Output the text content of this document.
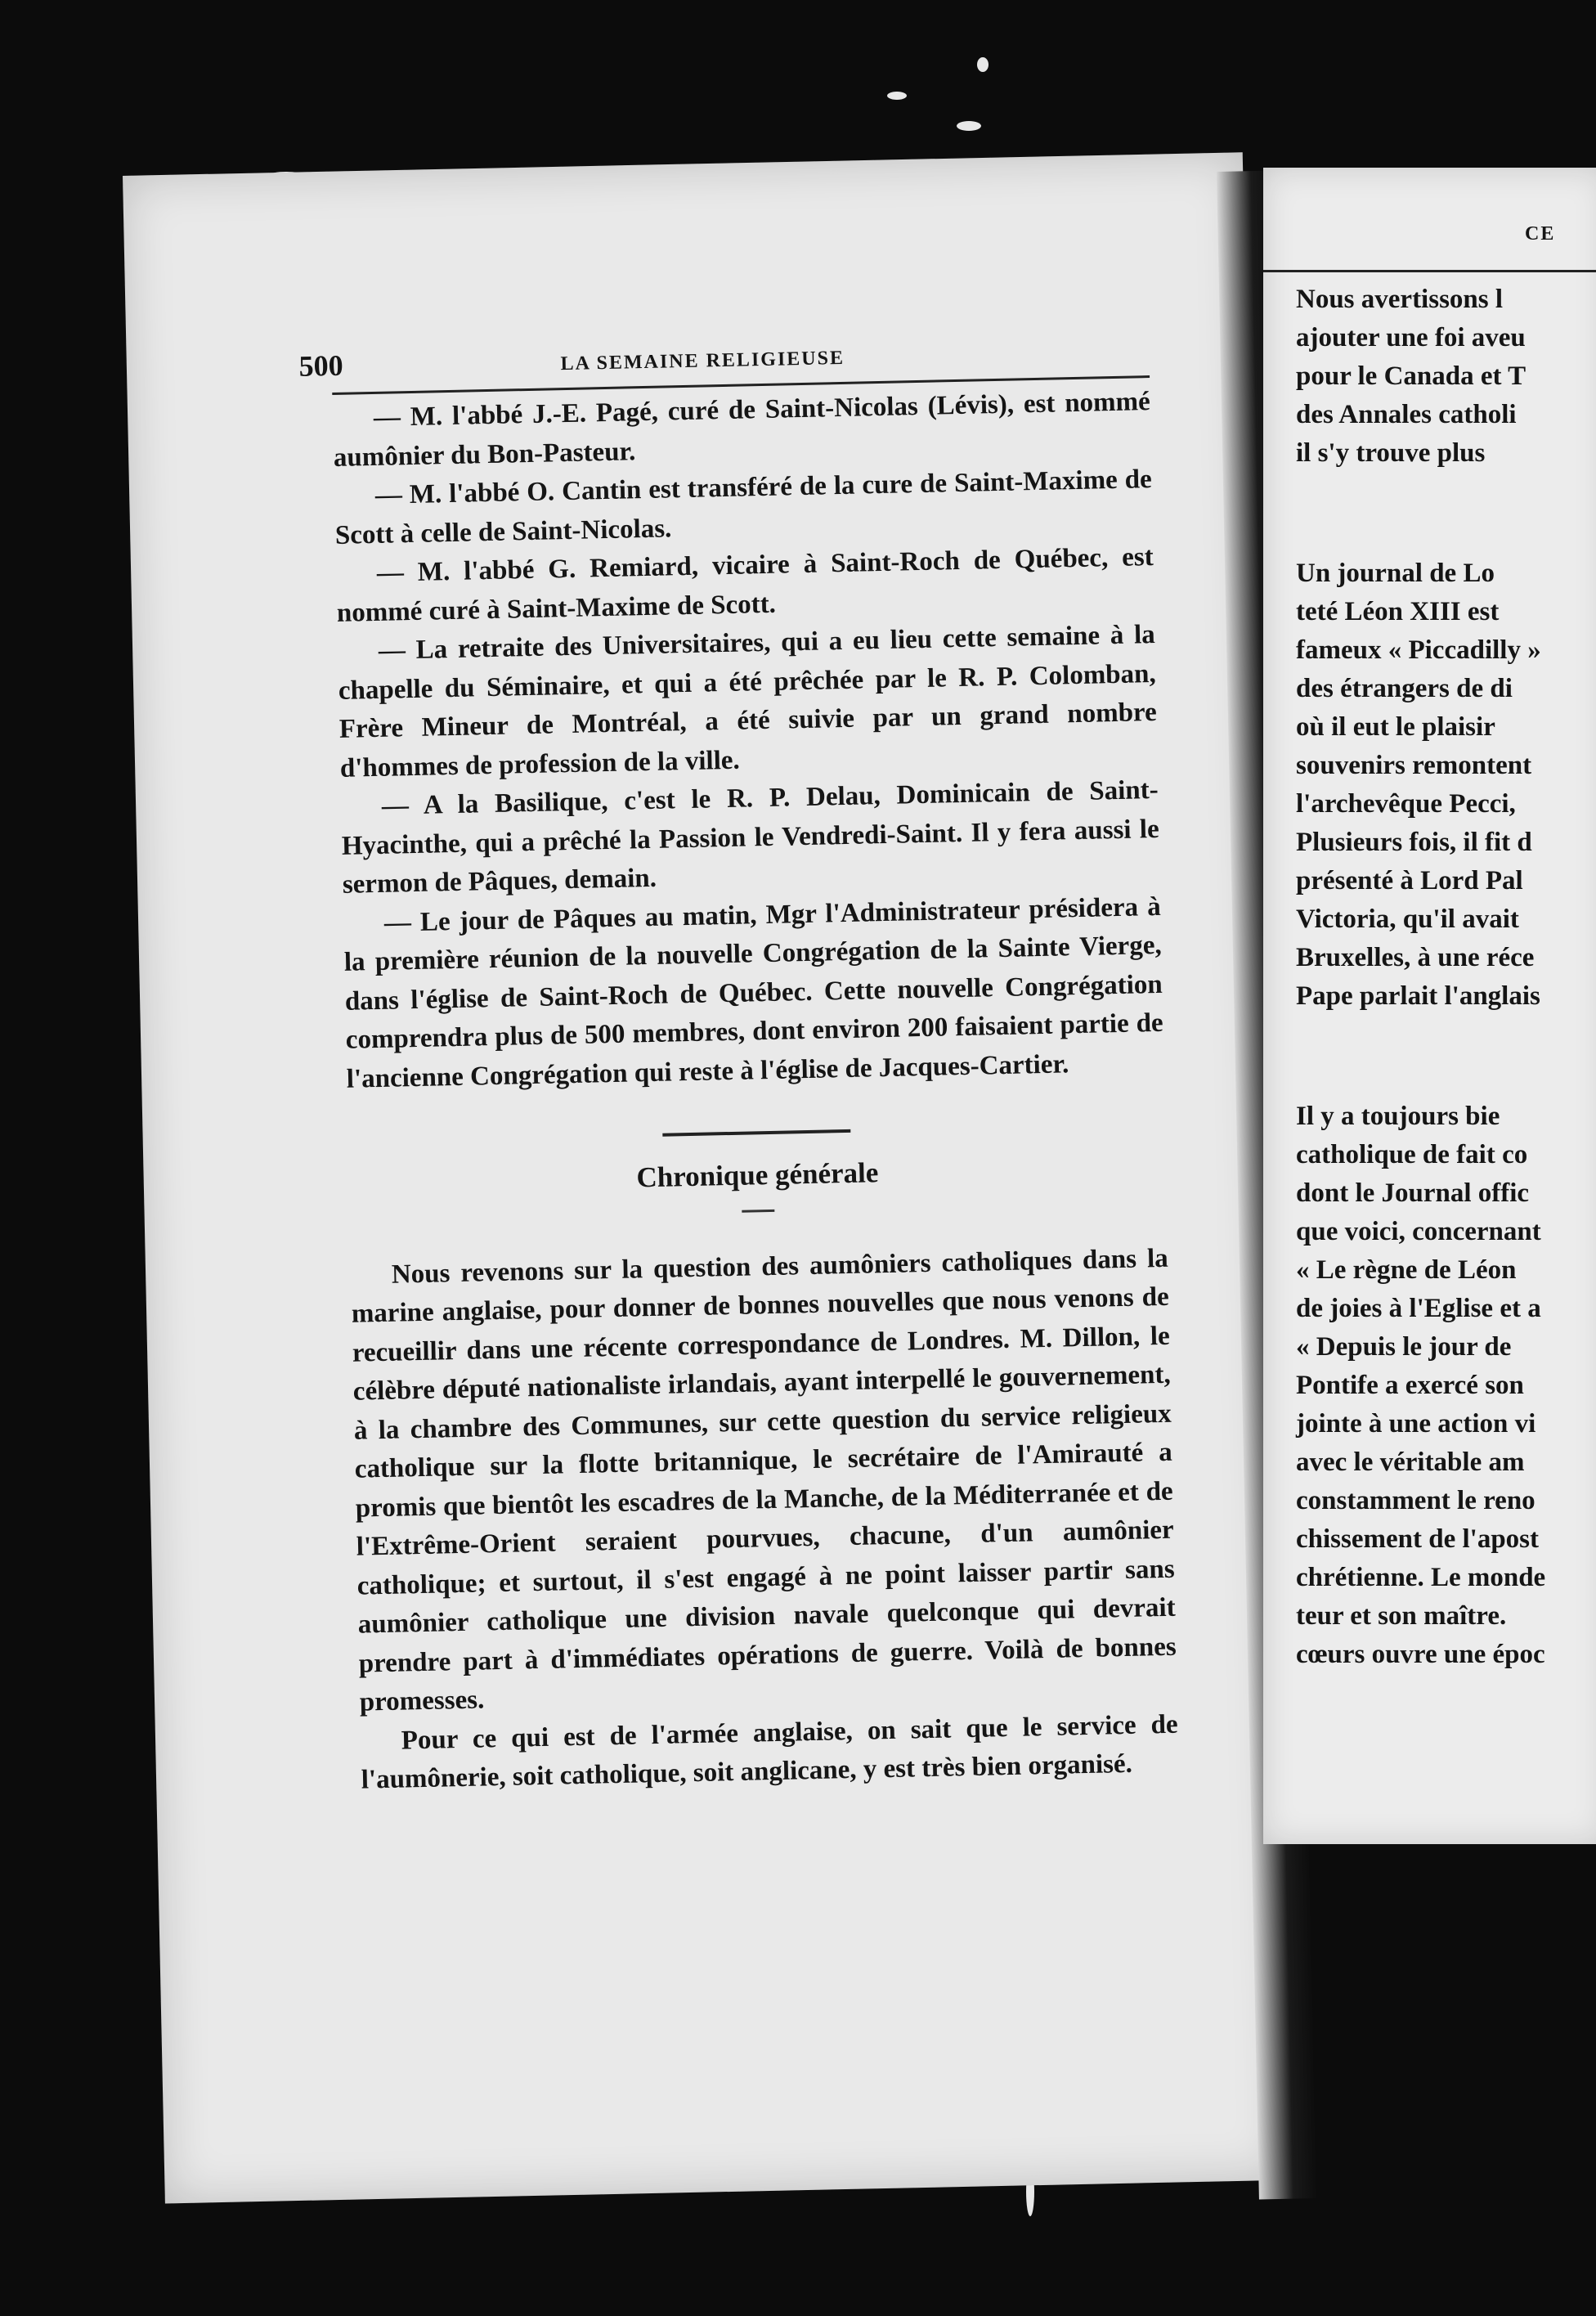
CE
Nous avertissons l
ajouter une foi aveu
pour le Canada et T
des Annales catholi
il s'y trouve plus
Un journal de Lo
teté Léon XIII est
fameux « Piccadilly »
des étrangers de di
où il eut le plaisir
souvenirs remontent
l'archevêque Pecci,
Plusieurs fois, il fit d
présenté à Lord Pal
Victoria, qu'il avait
Bruxelles, à une réce
Pape parlait l'anglais
Il y a toujours bie
catholique de fait co
dont le Journal offic
que voici, concernant
« Le règne de Léon
de joies à l'Eglise et a
« Depuis le jour de
Pontife a exercé son
jointe à une action vi
avec le véritable am
constamment le reno
chissement de l'apost
chrétienne. Le monde
teur et son maître.
cœurs ouvre une époc
500	LA SEMAINE RELIGIEUSE

— M. l'abbé J.-E. Pagé, curé de Saint-Nicolas (Lévis), est nommé aumônier du Bon-Pasteur.

— M. l'abbé O. Cantin est transféré de la cure de Saint-Maxime de Scott à celle de Saint-Nicolas.

— M. l'abbé G. Remiard, vicaire à Saint-Roch de Québec, est nommé curé à Saint-Maxime de Scott.

— La retraite des Universitaires, qui a eu lieu cette semaine à la chapelle du Séminaire, et qui a été prêchée par le R. P. Colomban, Frère Mineur de Montréal, a été suivie par un grand nombre d'hommes de profession de la ville.

— A la Basilique, c'est le R. P. Delau, Dominicain de Saint-Hyacinthe, qui a prêché la Passion le Vendredi-Saint. Il y fera aussi le sermon de Pâques, demain.

— Le jour de Pâques au matin, Mgr l'Administrateur présidera à la première réunion de la nouvelle Congrégation de la Sainte Vierge, dans l'église de Saint-Roch de Québec. Cette nouvelle Congrégation comprendra plus de 500 membres, dont environ 200 faisaient partie de l'ancienne Congrégation qui reste à l'église de Jacques-Cartier.

Chronique générale

Nous revenons sur la question des aumôniers catholiques dans la marine anglaise, pour donner de bonnes nouvelles que nous venons de recueillir dans une récente correspondance de Londres. M. Dillon, le célèbre député nationaliste irlandais, ayant interpellé le gouvernement, à la chambre des Communes, sur cette question du service religieux catholique sur la flotte britannique, le secrétaire de l'Amirauté a promis que bientôt les escadres de la Manche, de la Méditerranée et de l'Extrême-Orient seraient pourvues, chacune, d'un aumônier catholique; et surtout, il s'est engagé à ne point laisser partir sans aumônier catholique une division navale quelconque qui devrait prendre part à d'immédiates opérations de guerre. Voilà de bonnes promesses.

Pour ce qui est de l'armée anglaise, on sait que le service de l'aumônerie, soit catholique, soit anglicane, y est très bien organisé.
